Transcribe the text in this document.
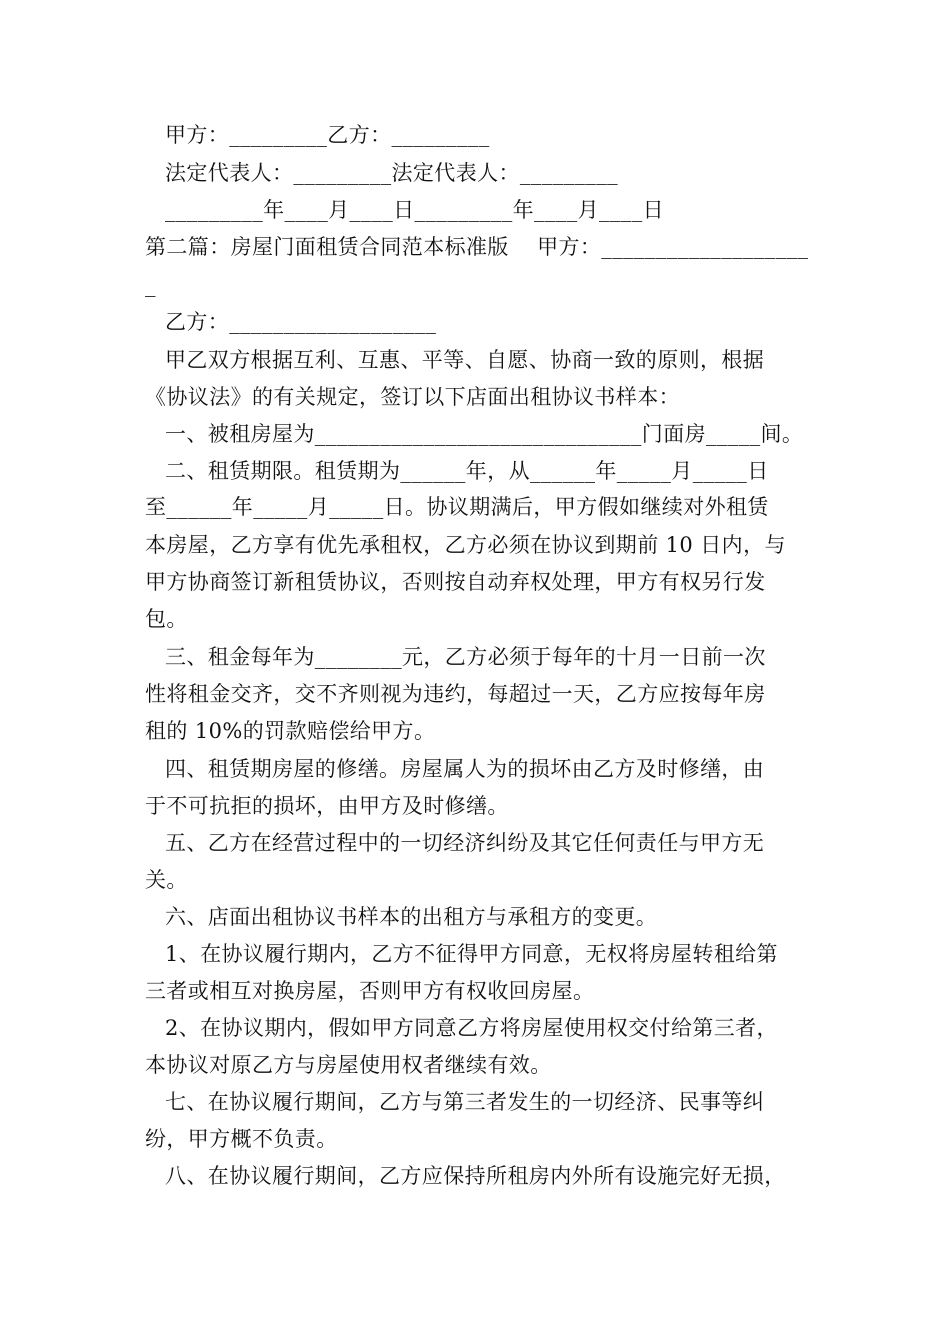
甲方：_________乙方：_________
法定代表人：_________法定代表人：_________
_________年____月____日_________年____月____日
第二篇：房屋门面租赁合同范本标准版    甲方：___________________
_
乙方：___________________
甲乙双方根据互利、互惠、平等、自愿、协商一致的原则，根据
《协议法》的有关规定，签订以下店面出租协议书样本：
一、被租房屋为______________________________门面房_____间。
二、租赁期限。租赁期为______年，从______年_____月_____日
至______年_____月_____日。协议期满后，甲方假如继续对外租赁
本房屋，乙方享有优先承租权，乙方必须在协议到期前 10 日内，与
甲方协商签订新租赁协议，否则按自动弃权处理，甲方有权另行发
包。
三、租金每年为________元，乙方必须于每年的十月一日前一次
性将租金交齐，交不齐则视为违约，每超过一天，乙方应按每年房
租的 10%的罚款赔偿给甲方。
四、租赁期房屋的修缮。房屋属人为的损坏由乙方及时修缮，由
于不可抗拒的损坏，由甲方及时修缮。
五、乙方在经营过程中的一切经济纠纷及其它任何责任与甲方无
关。
六、店面出租协议书样本的出租方与承租方的变更。
1、在协议履行期内，乙方不征得甲方同意，无权将房屋转租给第
三者或相互对换房屋，否则甲方有权收回房屋。
2、在协议期内，假如甲方同意乙方将房屋使用权交付给第三者，
本协议对原乙方与房屋使用权者继续有效。
七、在协议履行期间，乙方与第三者发生的一切经济、民事等纠
纷，甲方概不负责。
八、在协议履行期间，乙方应保持所租房内外所有设施完好无损，
